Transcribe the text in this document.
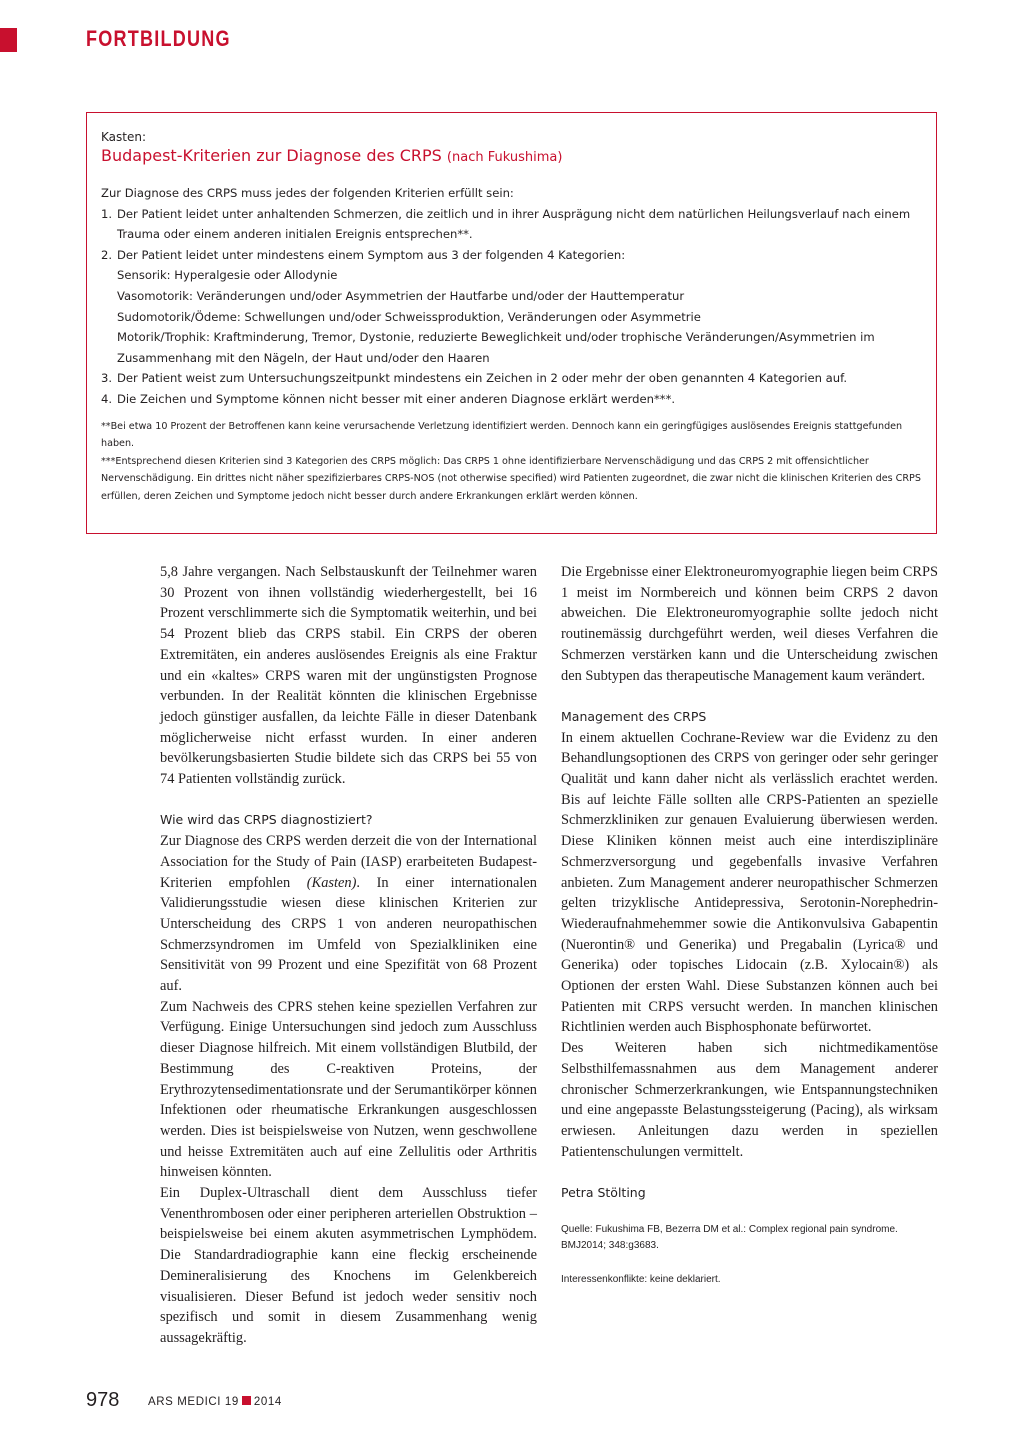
FORTBILDUNG
Kasten:
Budapest-Kriterien zur Diagnose des CRPS (nach Fukushima)
Zur Diagnose des CRPS muss jedes der folgenden Kriterien erfüllt sein:
1. Der Patient leidet unter anhaltenden Schmerzen, die zeitlich und in ihrer Ausprägung nicht dem natürlichen Heilungsverlauf nach einem Trauma oder einem anderen initialen Ereignis entsprechen**.
2. Der Patient leidet unter mindestens einem Symptom aus 3 der folgenden 4 Kategorien:
Sensorik: Hyperalgesie oder Allodynie
Vasomotorik: Veränderungen und/oder Asymmetrien der Hautfarbe und/oder der Hauttemperatur
Sudomotorik/Ödeme: Schwellungen und/oder Schweissproduktion, Veränderungen oder Asymmetrie
Motorik/Trophik: Kraftminderung, Tremor, Dystonie, reduzierte Beweglichkeit und/oder trophische Veränderungen/Asymmetrien im Zusammenhang mit den Nägeln, der Haut und/oder den Haaren
3. Der Patient weist zum Untersuchungszeitpunkt mindestens ein Zeichen in 2 oder mehr der oben genannten 4 Kategorien auf.
4. Die Zeichen und Symptome können nicht besser mit einer anderen Diagnose erklärt werden***.
**Bei etwa 10 Prozent der Betroffenen kann keine verursachende Verletzung identifiziert werden. Dennoch kann ein geringfügiges auslösendes Ereignis stattgefunden haben.
***Entsprechend diesen Kriterien sind 3 Kategorien des CRPS möglich: Das CRPS 1 ohne identifizierbare Nervenschädigung und das CRPS 2 mit offensichtlicher Nervenschädigung. Ein drittes nicht näher spezifizierbares CRPS-NOS (not otherwise specified) wird Patienten zugeordnet, die zwar nicht die klinischen Kriterien des CRPS erfüllen, deren Zeichen und Symptome jedoch nicht besser durch andere Erkrankungen erklärt werden können.

5,8 Jahre vergangen. Nach Selbstauskunft der Teilnehmer waren 30 Prozent von ihnen vollständig wiederhergestellt, bei 16 Prozent verschlimmerte sich die Symptomatik weiterhin, und bei 54 Prozent blieb das CRPS stabil. Ein CRPS der oberen Extremitäten, ein anderes auslösendes Ereignis als eine Fraktur und ein «kaltes» CRPS waren mit der ungünstigsten Prognose verbunden. In der Realität könnten die klinischen Ergebnisse jedoch günstiger ausfallen, da leichte Fälle in dieser Datenbank möglicherweise nicht erfasst wurden. In einer anderen bevölkerungsbasierten Studie bildete sich das CRPS bei 55 von 74 Patienten vollständig zurück.

Wie wird das CRPS diagnostiziert?

Zur Diagnose des CRPS werden derzeit die von der International Association for the Study of Pain (IASP) erarbeiteten Budapest-Kriterien empfohlen (Kasten). In einer internationalen Validierungsstudie wiesen diese klinischen Kriterien zur Unterscheidung des CRPS 1 von anderen neuropathischen Schmerzsyndromen im Umfeld von Spezialkliniken eine Sensitivität von 99 Prozent und eine Spezifität von 68 Prozent auf.

Zum Nachweis des CPRS stehen keine speziellen Verfahren zur Verfügung. Einige Untersuchungen sind jedoch zum Ausschluss dieser Diagnose hilfreich. Mit einem vollständigen Blutbild, der Bestimmung des C-reaktiven Proteins, der Erythrozytensedimentationsrate und der Serumantikörper können Infektionen oder rheumatische Erkrankungen ausgeschlossen werden. Dies ist beispielsweise von Nutzen, wenn geschwollene und heisse Extremitäten auch auf eine Zellulitis oder Arthritis hinweisen könnten.

Ein Duplex-Ultraschall dient dem Ausschluss tiefer Venenthrombosen oder einer peripheren arteriellen Obstruktion – beispielsweise bei einem akuten asymmetrischen Lymphödem. Die Standardradiographie kann eine fleckig erscheinende Demineralisierung des Knochens im Gelenkbereich visualisieren. Dieser Befund ist jedoch weder sensitiv noch spezifisch und somit in diesem Zusammenhang wenig aussagekräftig.

Die Ergebnisse einer Elektroneuromyographie liegen beim CRPS 1 meist im Normbereich und können beim CRPS 2 davon abweichen. Die Elektroneuromyographie sollte jedoch nicht routinemässig durchgeführt werden, weil dieses Verfahren die Schmerzen verstärken kann und die Unterscheidung zwischen den Subtypen das therapeutische Management kaum verändert.

Management des CRPS

In einem aktuellen Cochrane-Review war die Evidenz zu den Behandlungsoptionen des CRPS von geringer oder sehr geringer Qualität und kann daher nicht als verlässlich erachtet werden. Bis auf leichte Fälle sollten alle CRPS-Patienten an spezielle Schmerzkliniken zur genauen Evaluierung überwiesen werden. Diese Kliniken können meist auch eine interdisziplinäre Schmerzversorgung und gegebenfalls invasive Verfahren anbieten. Zum Management anderer neuropathischer Schmerzen gelten trizyklische Antidepressiva, Serotonin-Norephedrin-Wiederaufnahmehemmer sowie die Antikonvulsiva Gabapentin (Nuerontin® und Generika) und Pregabalin (Lyrica® und Generika) oder topisches Lidocain (z.B. Xylocain®) als Optionen der ersten Wahl. Diese Substanzen können auch bei Patienten mit CRPS versucht werden. In manchen klinischen Richtlinien werden auch Bisphosphonate befürwortet.

Des Weiteren haben sich nichtmedikamentöse Selbsthilfemassnahmen aus dem Management anderer chronischer Schmerzerkrankungen, wie Entspannungstechniken und eine angepasste Belastungssteigerung (Pacing), als wirksam erwiesen. Anleitungen dazu werden in speziellen Patientenschulungen vermittelt.

Petra Stölting

Quelle: Fukushima FB, Bezerra DM et al.: Complex regional pain syndrome. BMJ2014; 348:g3683.

Interessenkonflikte: keine deklariert.

978 ARS MEDICI 19 2014
